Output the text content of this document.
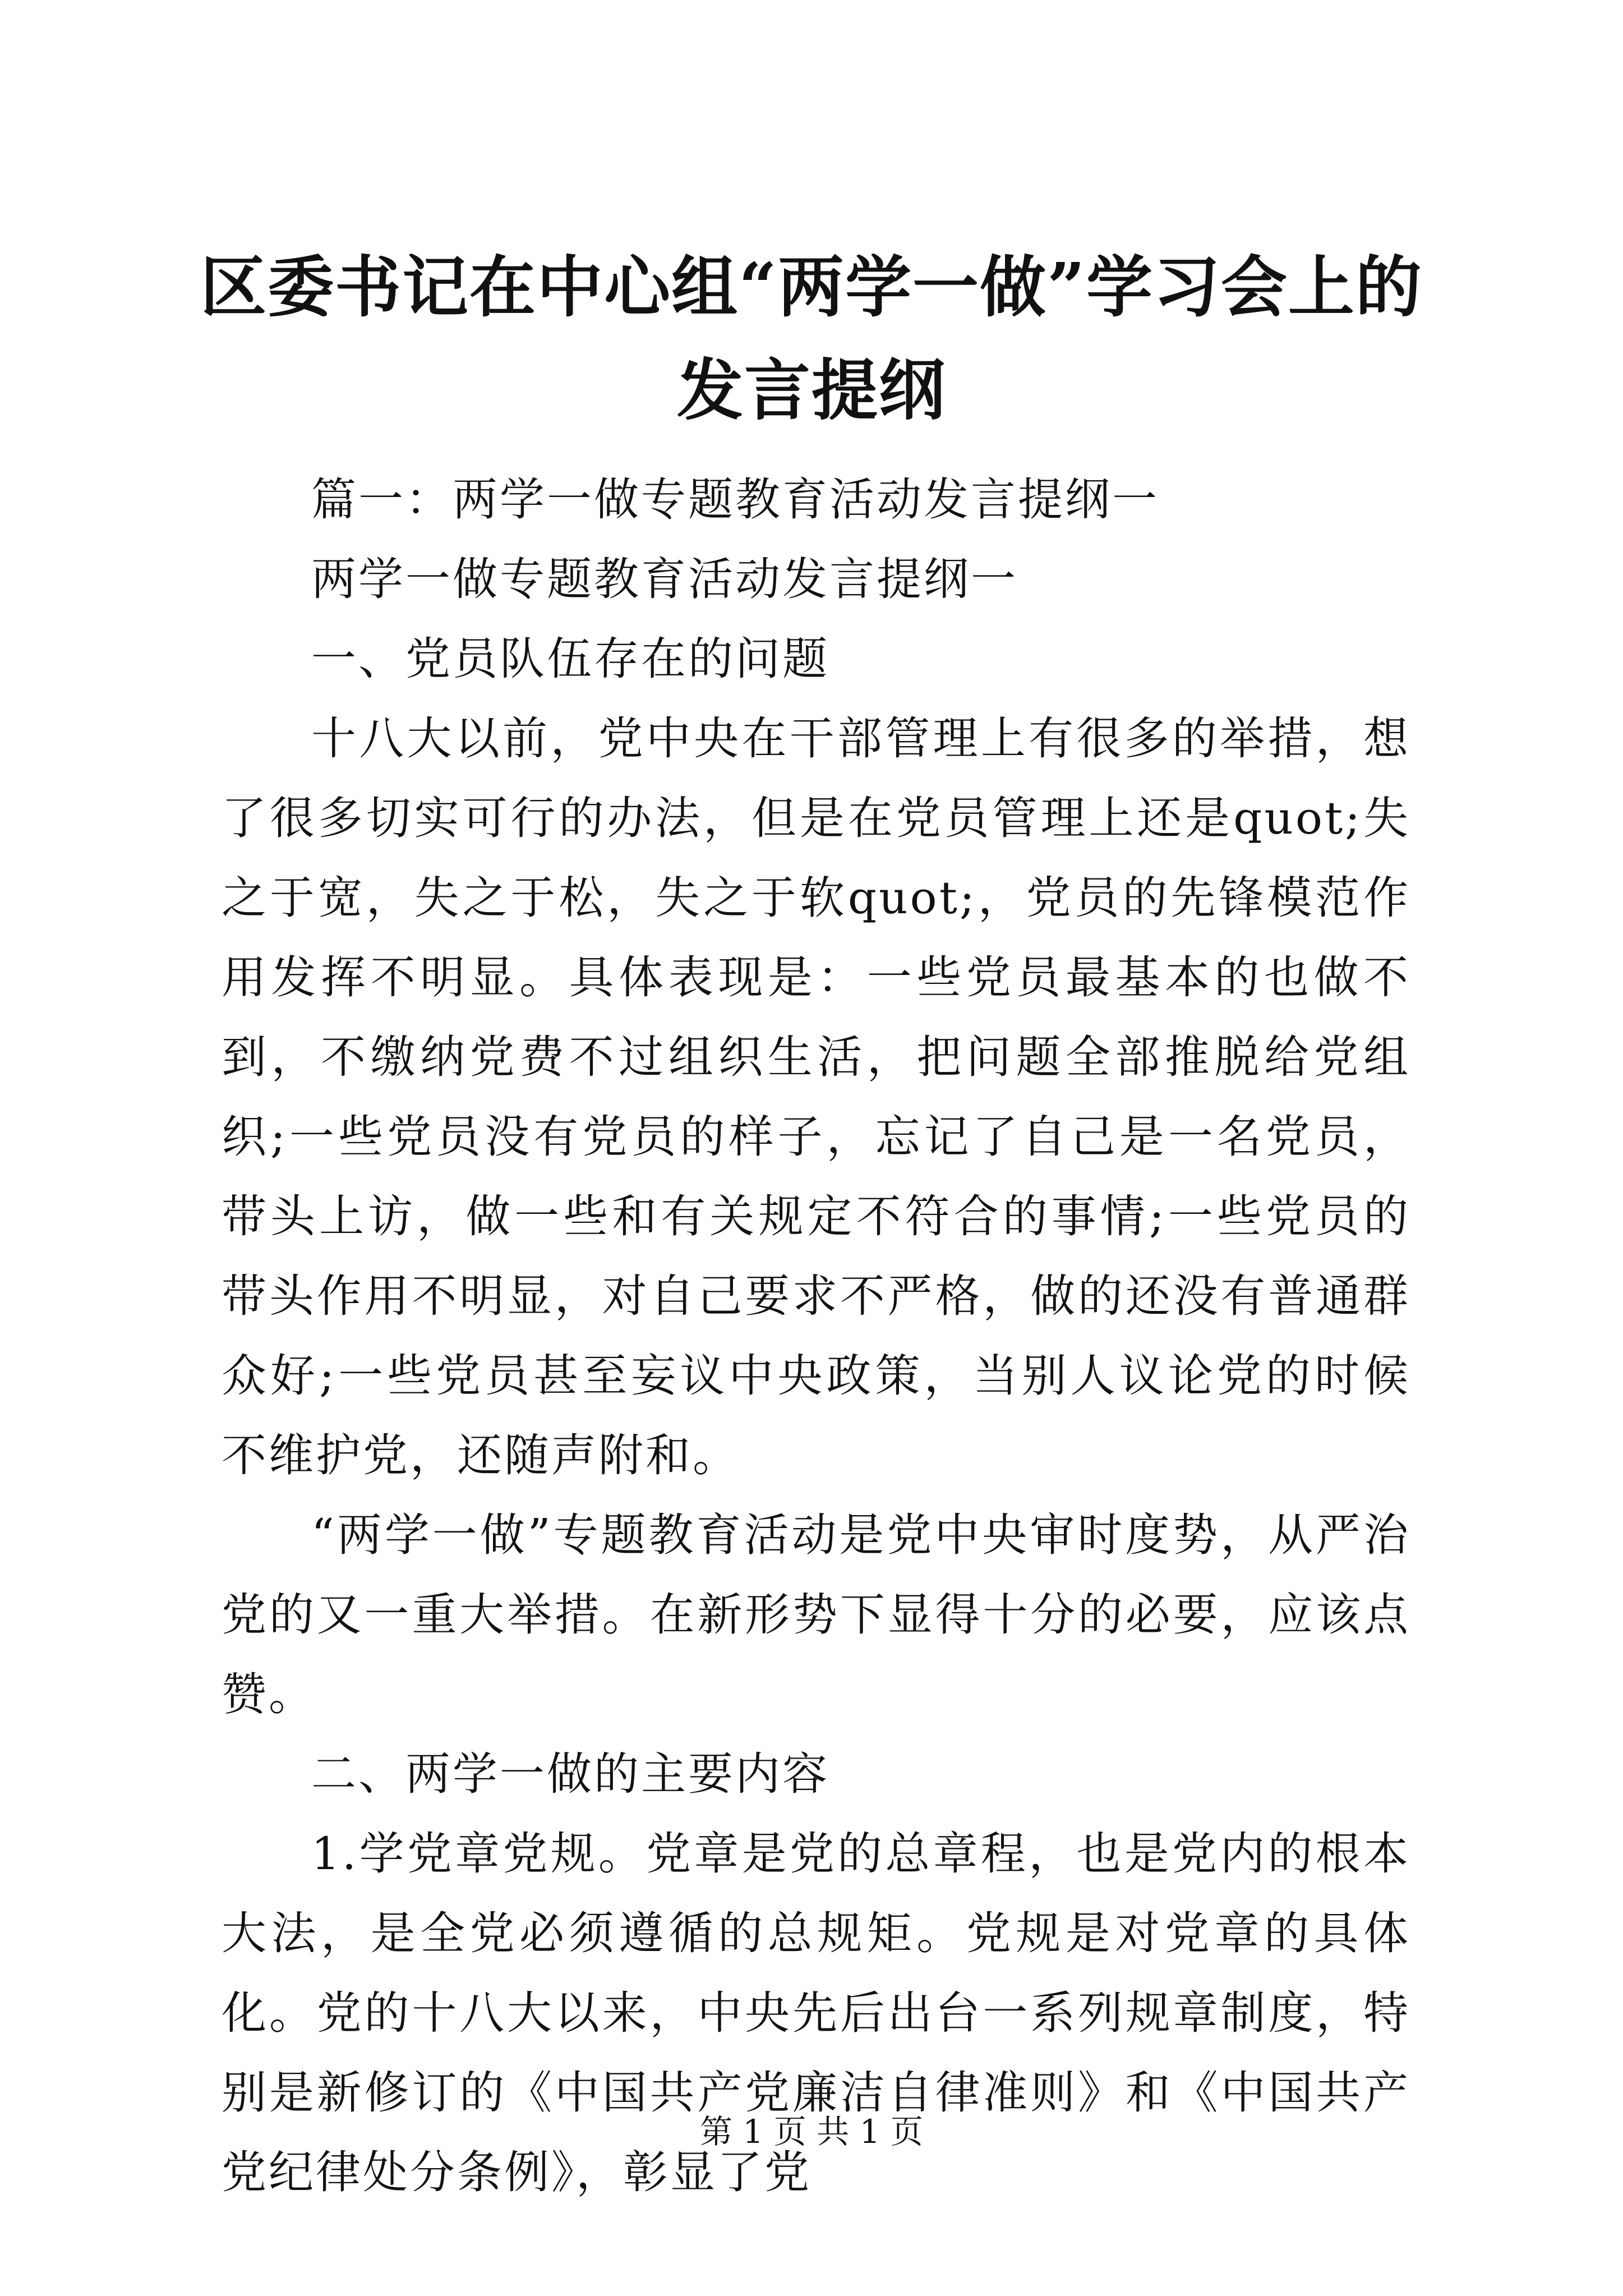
区委书记在中心组“两学一做”学习会上的发言提纲

篇一：两学一做专题教育活动发言提纲一

两学一做专题教育活动发言提纲一

一、党员队伍存在的问题

十八大以前，党中央在干部管理上有很多的举措，想了很多切实可行的办法，但是在党员管理上还是quot;失之于宽，失之于松，失之于软quot;，党员的先锋模范作用发挥不明显。具体表现是：一些党员最基本的也做不到，不缴纳党费不过组织生活，把问题全部推脱给党组织;一些党员没有党员的样子，忘记了自己是一名党员，带头上访，做一些和有关规定不符合的事情;一些党员的带头作用不明显，对自己要求不严格，做的还没有普通群众好;一些党员甚至妄议中央政策，当别人议论党的时候不维护党，还随声附和。

“两学一做”专题教育活动是党中央审时度势，从严治党的又一重大举措。在新形势下显得十分的必要，应该点赞。

二、两学一做的主要内容

1.学党章党规。党章是党的总章程，也是党内的根本大法，是全党必须遵循的总规矩。党规是对党章的具体化。党的十八大以来，中央先后出台一系列规章制度，特别是新修订的《中国共产党廉洁自律准则》和《中国共产党纪律处分条例》，彰显了党

第 1 页 共 1 页
